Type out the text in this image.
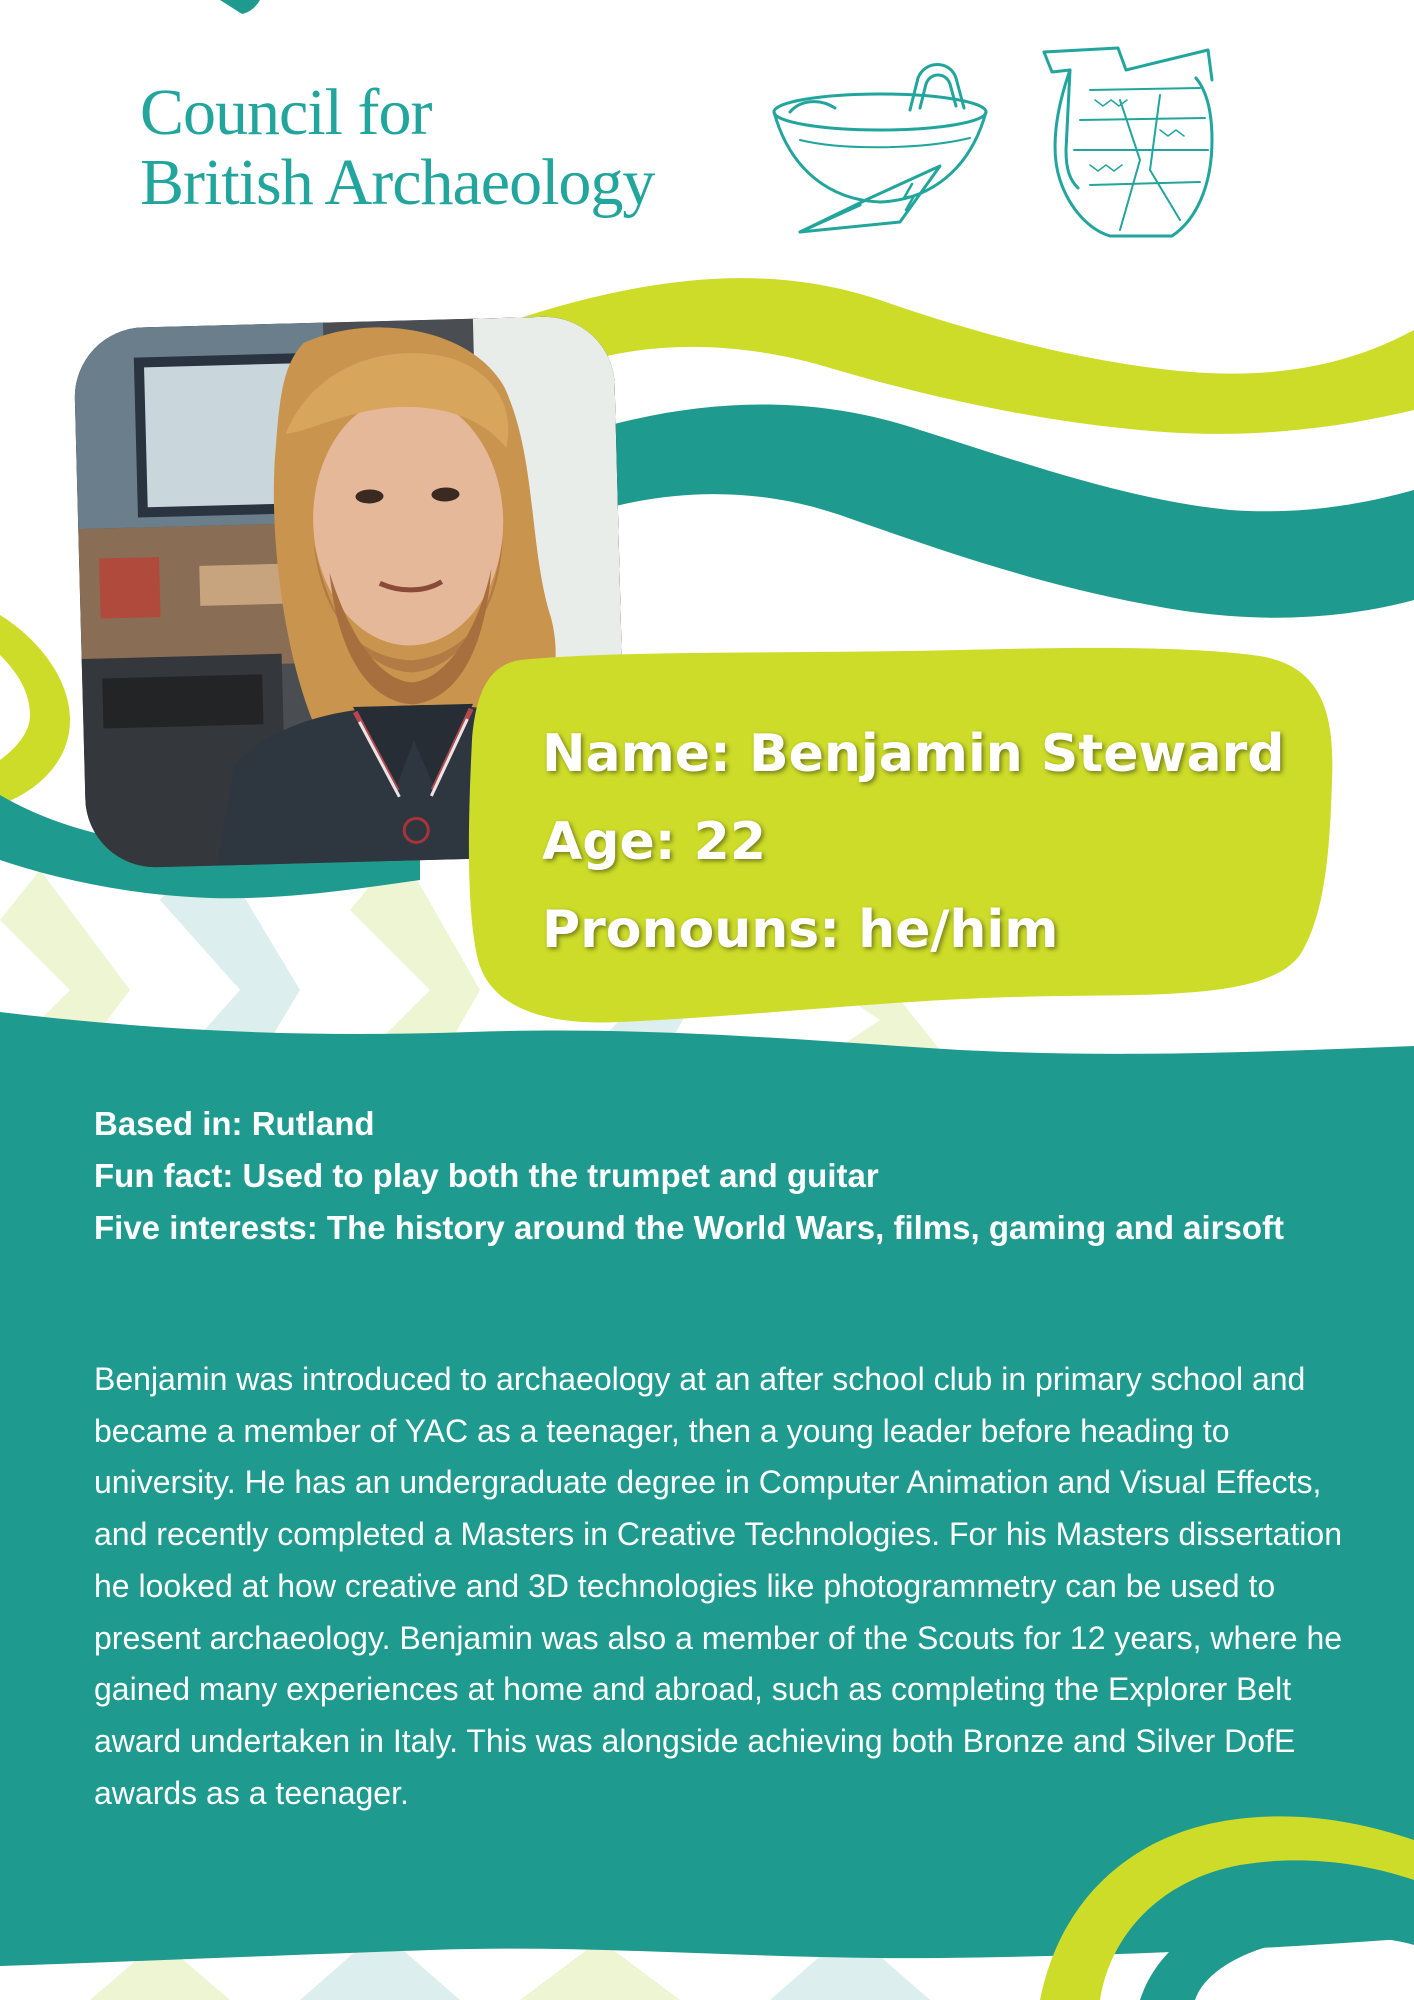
Council for
British Archaeology
Name: Benjamin Steward
Age: 22
Pronouns: he/him
Based in: Rutland
Fun fact: Used to play both the trumpet and guitar
Five interests: The history around the World Wars, films, gaming and airsoft
Benjamin was introduced to archaeology at an after school club in primary school and became a member of YAC as a teenager, then a young leader before heading to university. He has an undergraduate degree in Computer Animation and Visual Effects, and recently completed a Masters in Creative Technologies. For his Masters dissertation he looked at how creative and 3D technologies like photogrammetry can be used to present archaeology. Benjamin was also a member of the Scouts for 12 years, where he gained many experiences at home and abroad, such as completing the Explorer Belt award undertaken in Italy. This was alongside achieving both Bronze and Silver DofE awards as a teenager.
